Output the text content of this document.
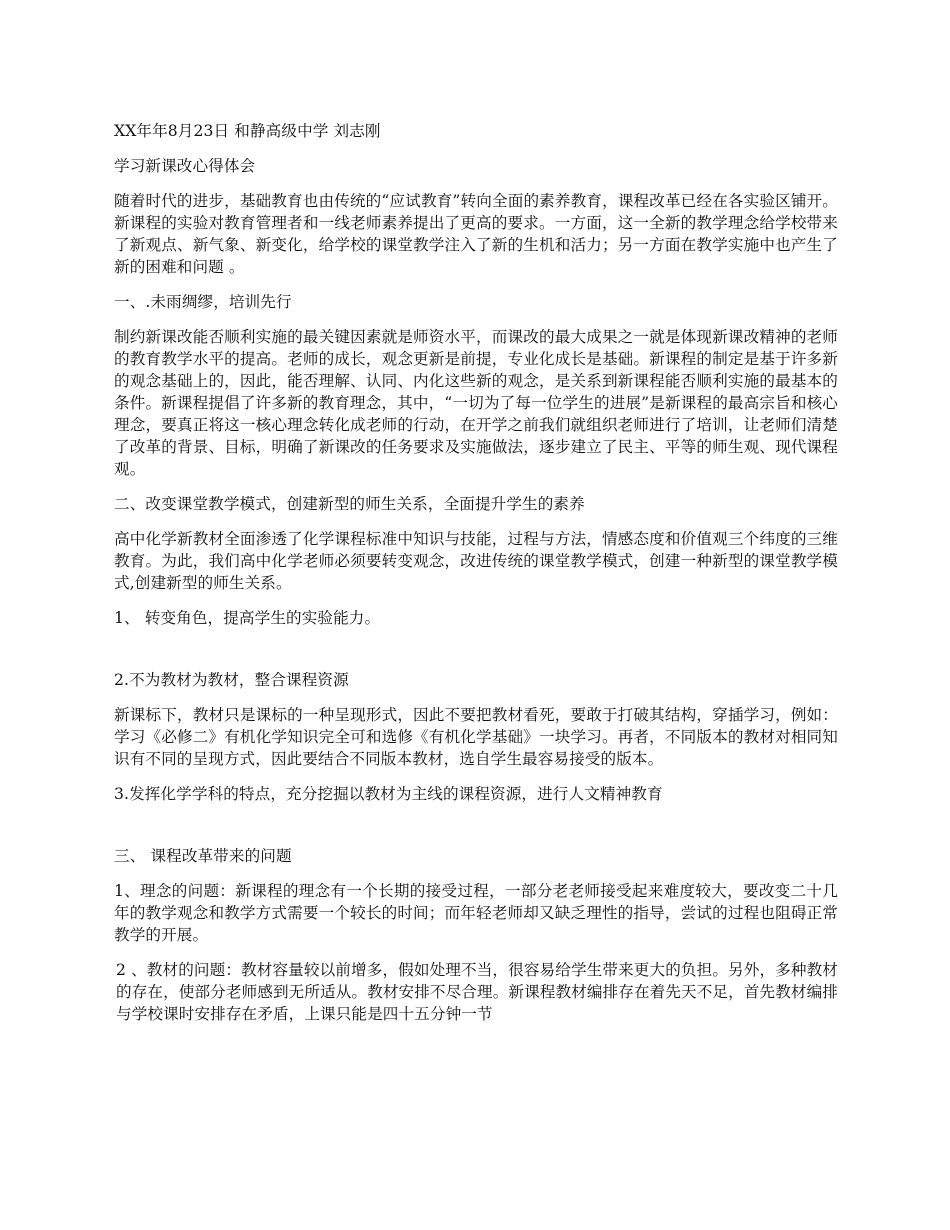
XX年年8月23日 和静高级中学 刘志刚

学习新课改心得体会

随着时代的进步，基础教育也由传统的“应试教育”转向全面的素养教育，课程改革已经在各实验区铺开。新课程的实验对教育管理者和一线老师素养提出了更高的要求。一方面，这一全新的教学理念给学校带来了新观点、新气象、新变化，给学校的课堂教学注入了新的生机和活力；另一方面在教学实施中也产生了新的困难和问题 。

一、.未雨绸缪，培训先行

制约新课改能否顺利实施的最关键因素就是师资水平，而课改的最大成果之一就是体现新课改精神的老师的教育教学水平的提高。老师的成长，观念更新是前提，专业化成长是基础。新课程的制定是基于许多新的观念基础上的，因此，能否理解、认同、内化这些新的观念，是关系到新课程能否顺利实施的最基本的条件。新课程提倡了许多新的教育理念，其中，“一切为了每一位学生的进展”是新课程的最高宗旨和核心理念，要真正将这一核心理念转化成老师的行动，在开学之前我们就组织老师进行了培训，让老师们清楚了改革的背景、目标，明确了新课改的任务要求及实施做法，逐步建立了民主、平等的师生观、现代课程观。

二、改变课堂教学模式，创建新型的师生关系，全面提升学生的素养

高中化学新教材全面渗透了化学课程标准中知识与技能，过程与方法，情感态度和价值观三个纬度的三维教育。为此，我们高中化学老师必须要转变观念，改进传统的课堂教学模式，创建一种新型的课堂教学模式,创建新型的师生关系。

1、 转变角色，提高学生的实验能力。

2.不为教材为教材，整合课程资源

新课标下，教材只是课标的一种呈现形式，因此不要把教材看死，要敢于打破其结构，穿插学习，例如：学习《必修二》有机化学知识完全可和选修《有机化学基础》一块学习。再者，不同版本的教材对相同知识有不同的呈现方式，因此要结合不同版本教材，选自学生最容易接受的版本。

3.发挥化学学科的特点，充分挖掘以教材为主线的课程资源，进行人文精神教育

三、 课程改革带来的问题

1、理念的问题：新课程的理念有一个长期的接受过程，一部分老老师接受起来难度较大，要改变二十几年的教学观念和教学方式需要一个较长的时间；而年轻老师却又缺乏理性的指导，尝试的过程也阻碍正常教学的开展。

2 、教材的问题：教材容量较以前增多，假如处理不当，很容易给学生带来更大的负担。另外，多种教材的存在，使部分老师感到无所适从。教材安排不尽合理。新课程教材编排存在着先天不足，首先教材编排与学校课时安排存在矛盾，上课只能是四十五分钟一节
